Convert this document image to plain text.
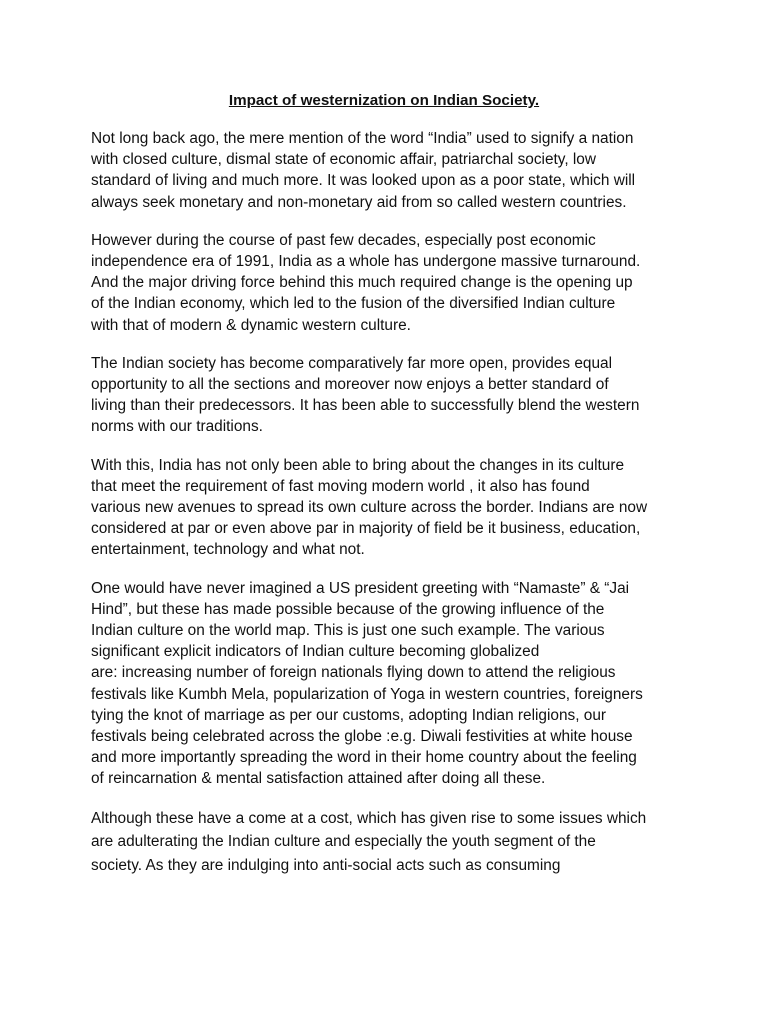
Impact of westernization on Indian Society.

Not long back ago, the mere mention of the word “India” used to signify a nation
with closed culture, dismal state of economic affair, patriarchal society, low
standard of living and much more. It was looked upon as a poor state, which will
always seek monetary and non-monetary aid from so called western countries.

However during the course of past few decades, especially post economic
independence era of 1991, India as a whole has undergone massive turnaround.
And the major driving force behind this much required change is the opening up
of the Indian economy, which led to the fusion of the diversified Indian culture
with that of modern & dynamic western culture.

The Indian society has become comparatively far more open, provides equal
opportunity to all the sections and moreover now enjoys a better standard of
living than their predecessors. It has been able to successfully blend the western
norms with our traditions.

With this, India has not only been able to bring about the changes in its culture
that meet the requirement of fast moving modern world , it also has found
various new avenues to spread its own culture across the border. Indians are now
considered at par or even above par in majority of field be it business, education,
entertainment, technology and what not.

One would have never imagined a US president greeting with “Namaste” & “Jai
Hind”, but these has made possible because of the growing influence of the
Indian culture on the world map. This is just one such example. The various
significant explicit indicators of Indian culture becoming globalized
are: increasing number of foreign nationals flying down to attend the religious
festivals like Kumbh Mela, popularization of Yoga in western countries, foreigners
tying the knot of marriage as per our customs, adopting Indian religions, our
festivals being celebrated across the globe :e.g. Diwali festivities at white house
and more importantly spreading the word in their home country about the feeling
of reincarnation & mental satisfaction attained after doing all these.

Although these have a come at a cost, which has given rise to some issues which
are adulterating the Indian culture and especially the youth segment of the
society. As they are indulging into anti-social acts such as consuming
